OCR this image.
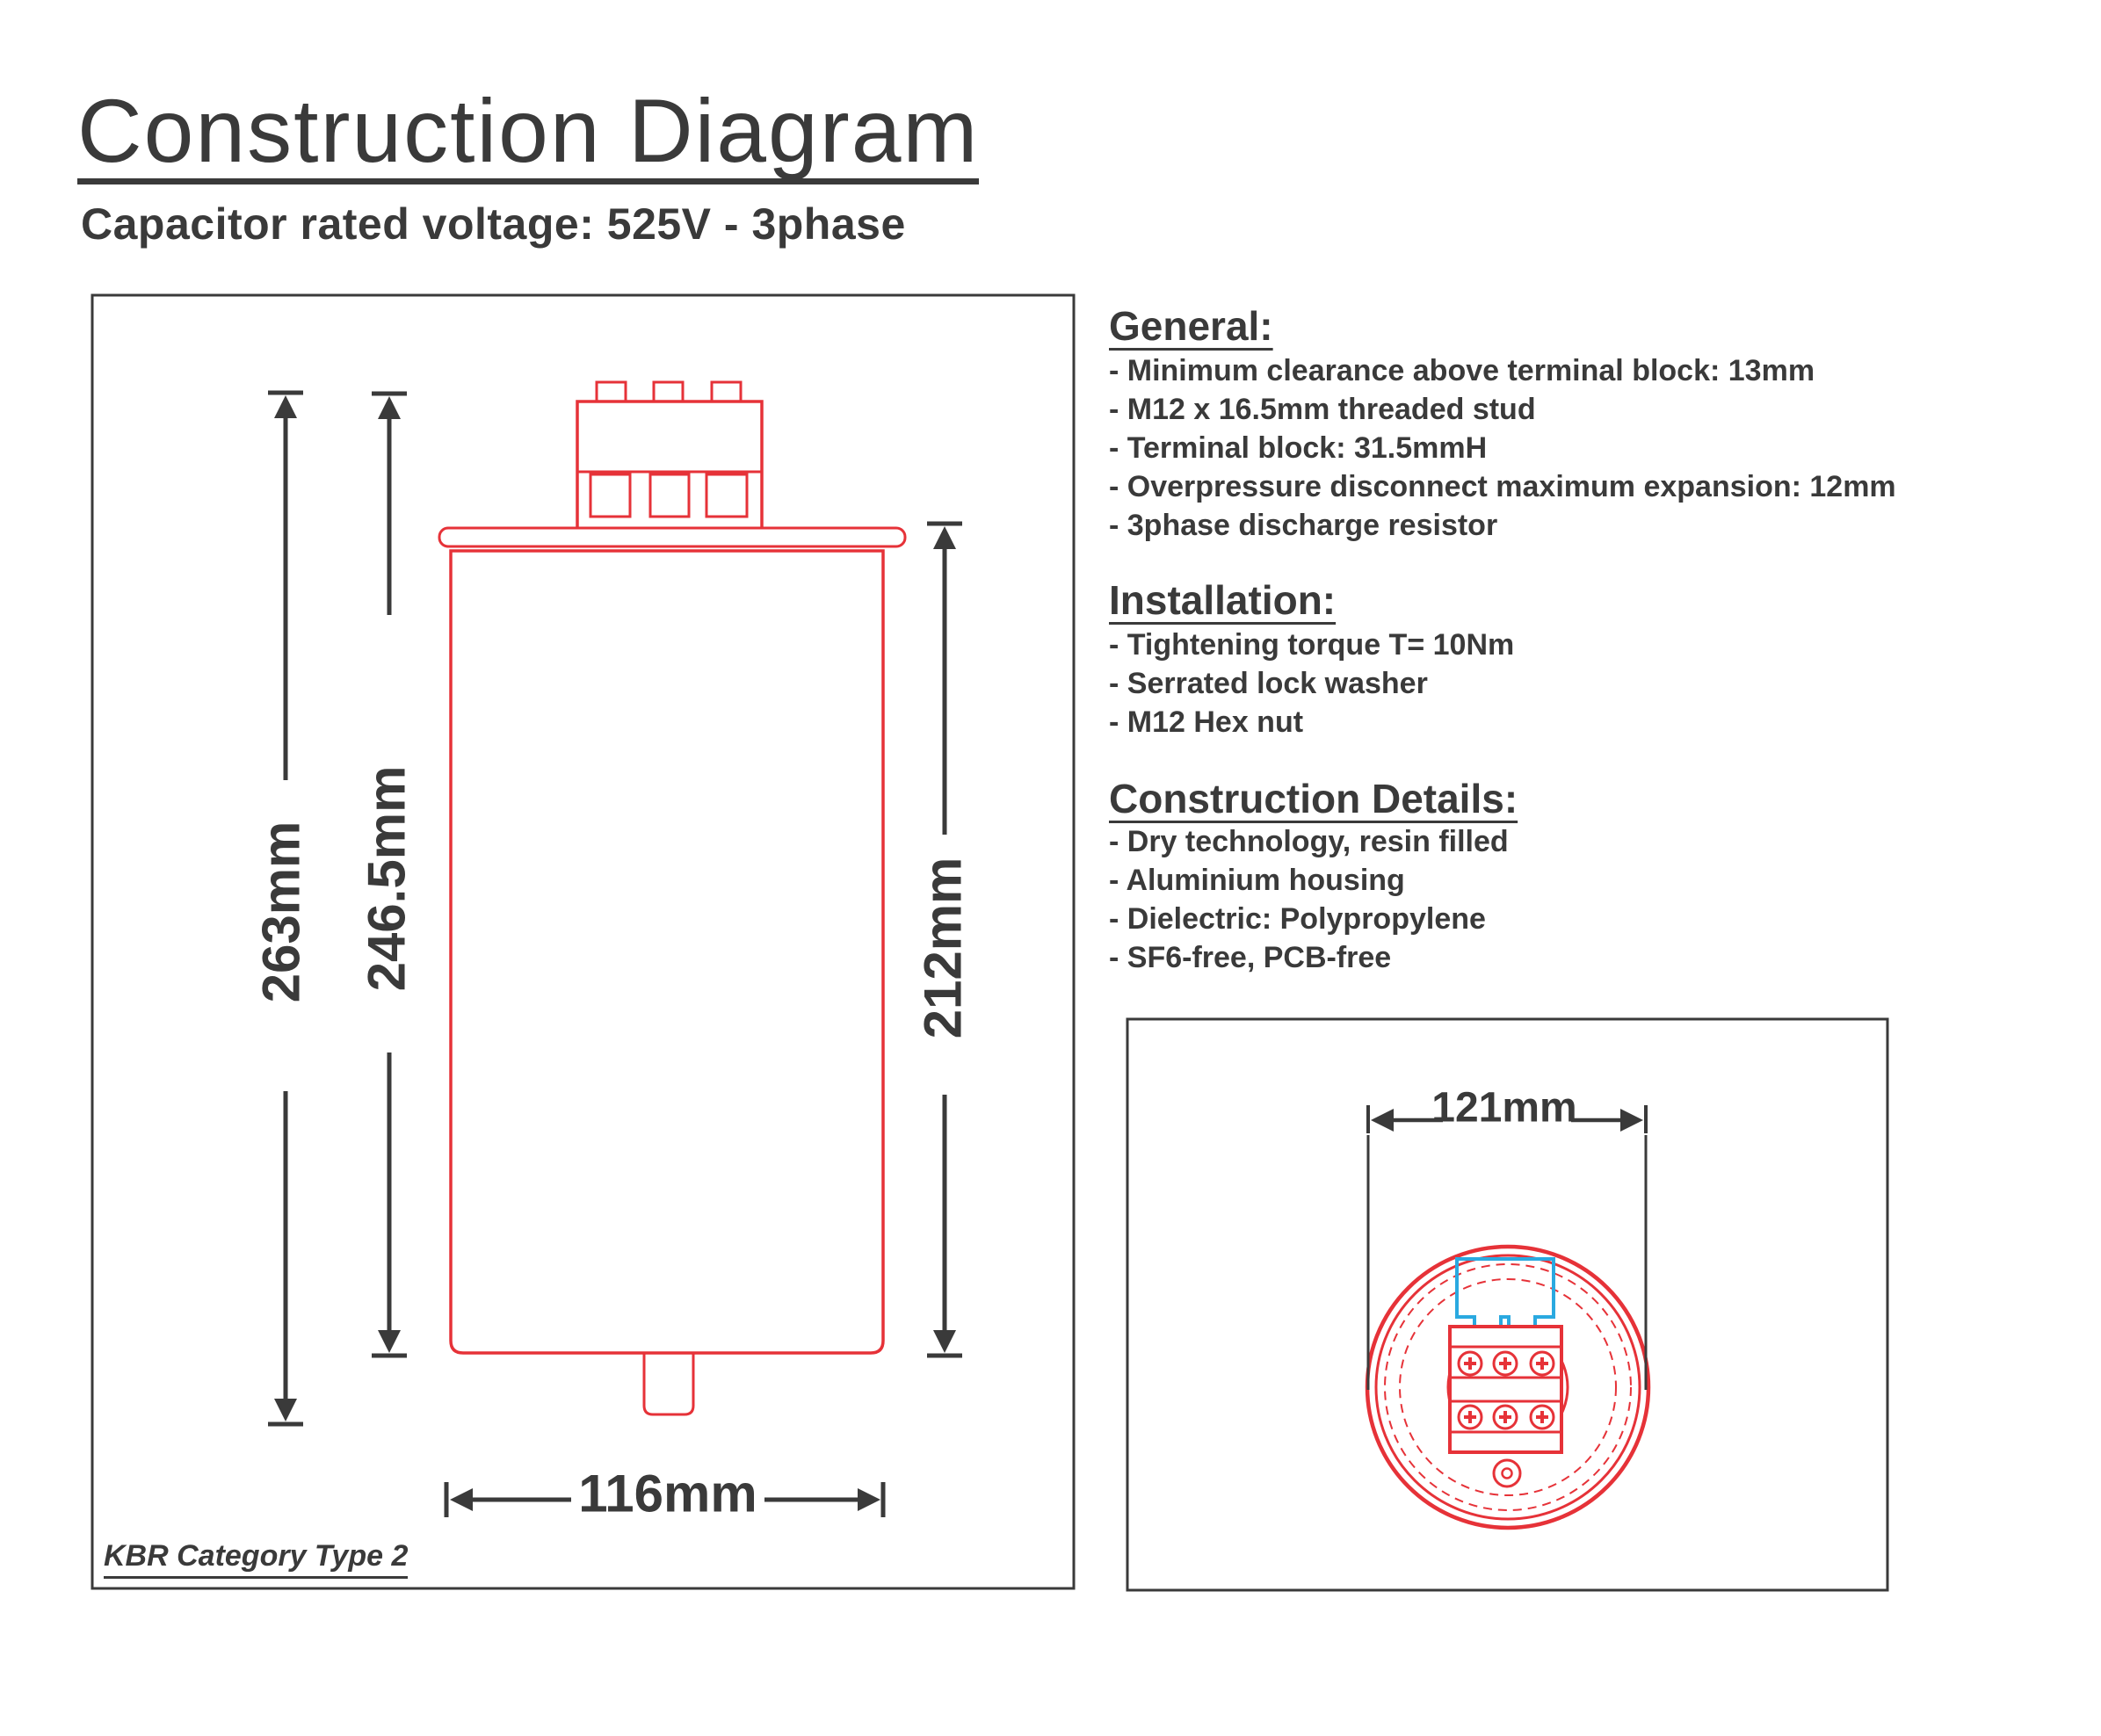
Construction Diagram
Capacitor rated voltage: 525V - 3phase
General:
- Minimum clearance above terminal block: 13mm
- M12 x 16.5mm threaded stud
- Terminal block: 31.5mmH
- Overpressure disconnect maximum expansion: 12mm
- 3phase discharge resistor
Installation:
- Tightening torque T= 10Nm
- Serrated lock washer
- M12 Hex nut
Construction Details:
- Dry technology, resin filled
- Aluminium housing
- Dielectric: Polypropylene
- SF6-free, PCB-free
263mm 246.5mm	212mm
116mm
121mm
KBR Category Type 2
